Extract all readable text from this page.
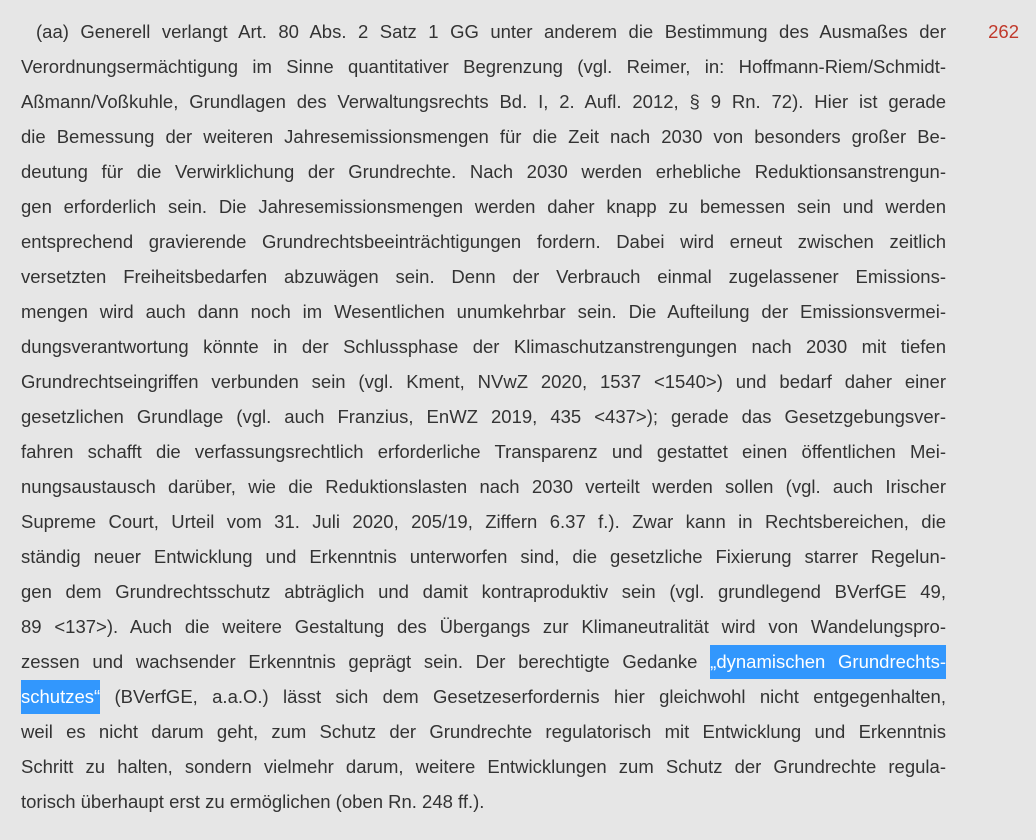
(aa) Generell verlangt Art. 80 Abs. 2 Satz 1 GG unter anderem die Bestimmung des Ausmaßes der
Verordnungsermächtigung im Sinne quantitativer Begrenzung (vgl. Reimer, in: Hoffmann-Riem/Schmidt-
Aßmann/Voßkuhle, Grundlagen des Verwaltungsrechts Bd. I, 2. Aufl. 2012, § 9 Rn. 72). Hier ist gerade
die Bemessung der weiteren Jahresemissionsmengen für die Zeit nach 2030 von besonders großer Be-
deutung für die Verwirklichung der Grundrechte. Nach 2030 werden erhebliche Reduktionsanstrengun-
gen erforderlich sein. Die Jahresemissionsmengen werden daher knapp zu bemessen sein und werden
entsprechend gravierende Grundrechtsbeeinträchtigungen fordern. Dabei wird erneut zwischen zeitlich
versetzten Freiheitsbedarfen abzuwägen sein. Denn der Verbrauch einmal zugelassener Emissions-
mengen wird auch dann noch im Wesentlichen unumkehrbar sein. Die Aufteilung der Emissionsvermei-
dungsverantwortung könnte in der Schlussphase der Klimaschutzanstrengungen nach 2030 mit tiefen
Grundrechtseingriffen verbunden sein (vgl. Kment, NVwZ 2020, 1537 <1540>) und bedarf daher einer
gesetzlichen Grundlage (vgl. auch Franzius, EnWZ 2019, 435 <437>); gerade das Gesetzgebungsver-
fahren schafft die verfassungsrechtlich erforderliche Transparenz und gestattet einen öffentlichen Mei-
nungsaustausch darüber, wie die Reduktionslasten nach 2030 verteilt werden sollen (vgl. auch Irischer
Supreme Court, Urteil vom 31. Juli 2020, 205/19, Ziffern 6.37 f.). Zwar kann in Rechtsbereichen, die
ständig neuer Entwicklung und Erkenntnis unterworfen sind, die gesetzliche Fixierung starrer Regelun-
gen dem Grundrechtsschutz abträglich und damit kontraproduktiv sein (vgl. grundlegend BVerfGE 49,
89 <137>). Auch die weitere Gestaltung des Übergangs zur Klimaneutralität wird von Wandelungspro-
zessen und wachsender Erkenntnis geprägt sein. Der berechtigte Gedanke „dynamischen Grundrechts-
schutzes“ (BVerfGE, a.a.O.) lässt sich dem Gesetzeserfordernis hier gleichwohl nicht entgegenhalten,
weil es nicht darum geht, zum Schutz der Grundrechte regulatorisch mit Entwicklung und Erkenntnis
Schritt zu halten, sondern vielmehr darum, weitere Entwicklungen zum Schutz der Grundrechte regula-
torisch überhaupt erst zu ermöglichen (oben Rn. 248 ff.).
262
